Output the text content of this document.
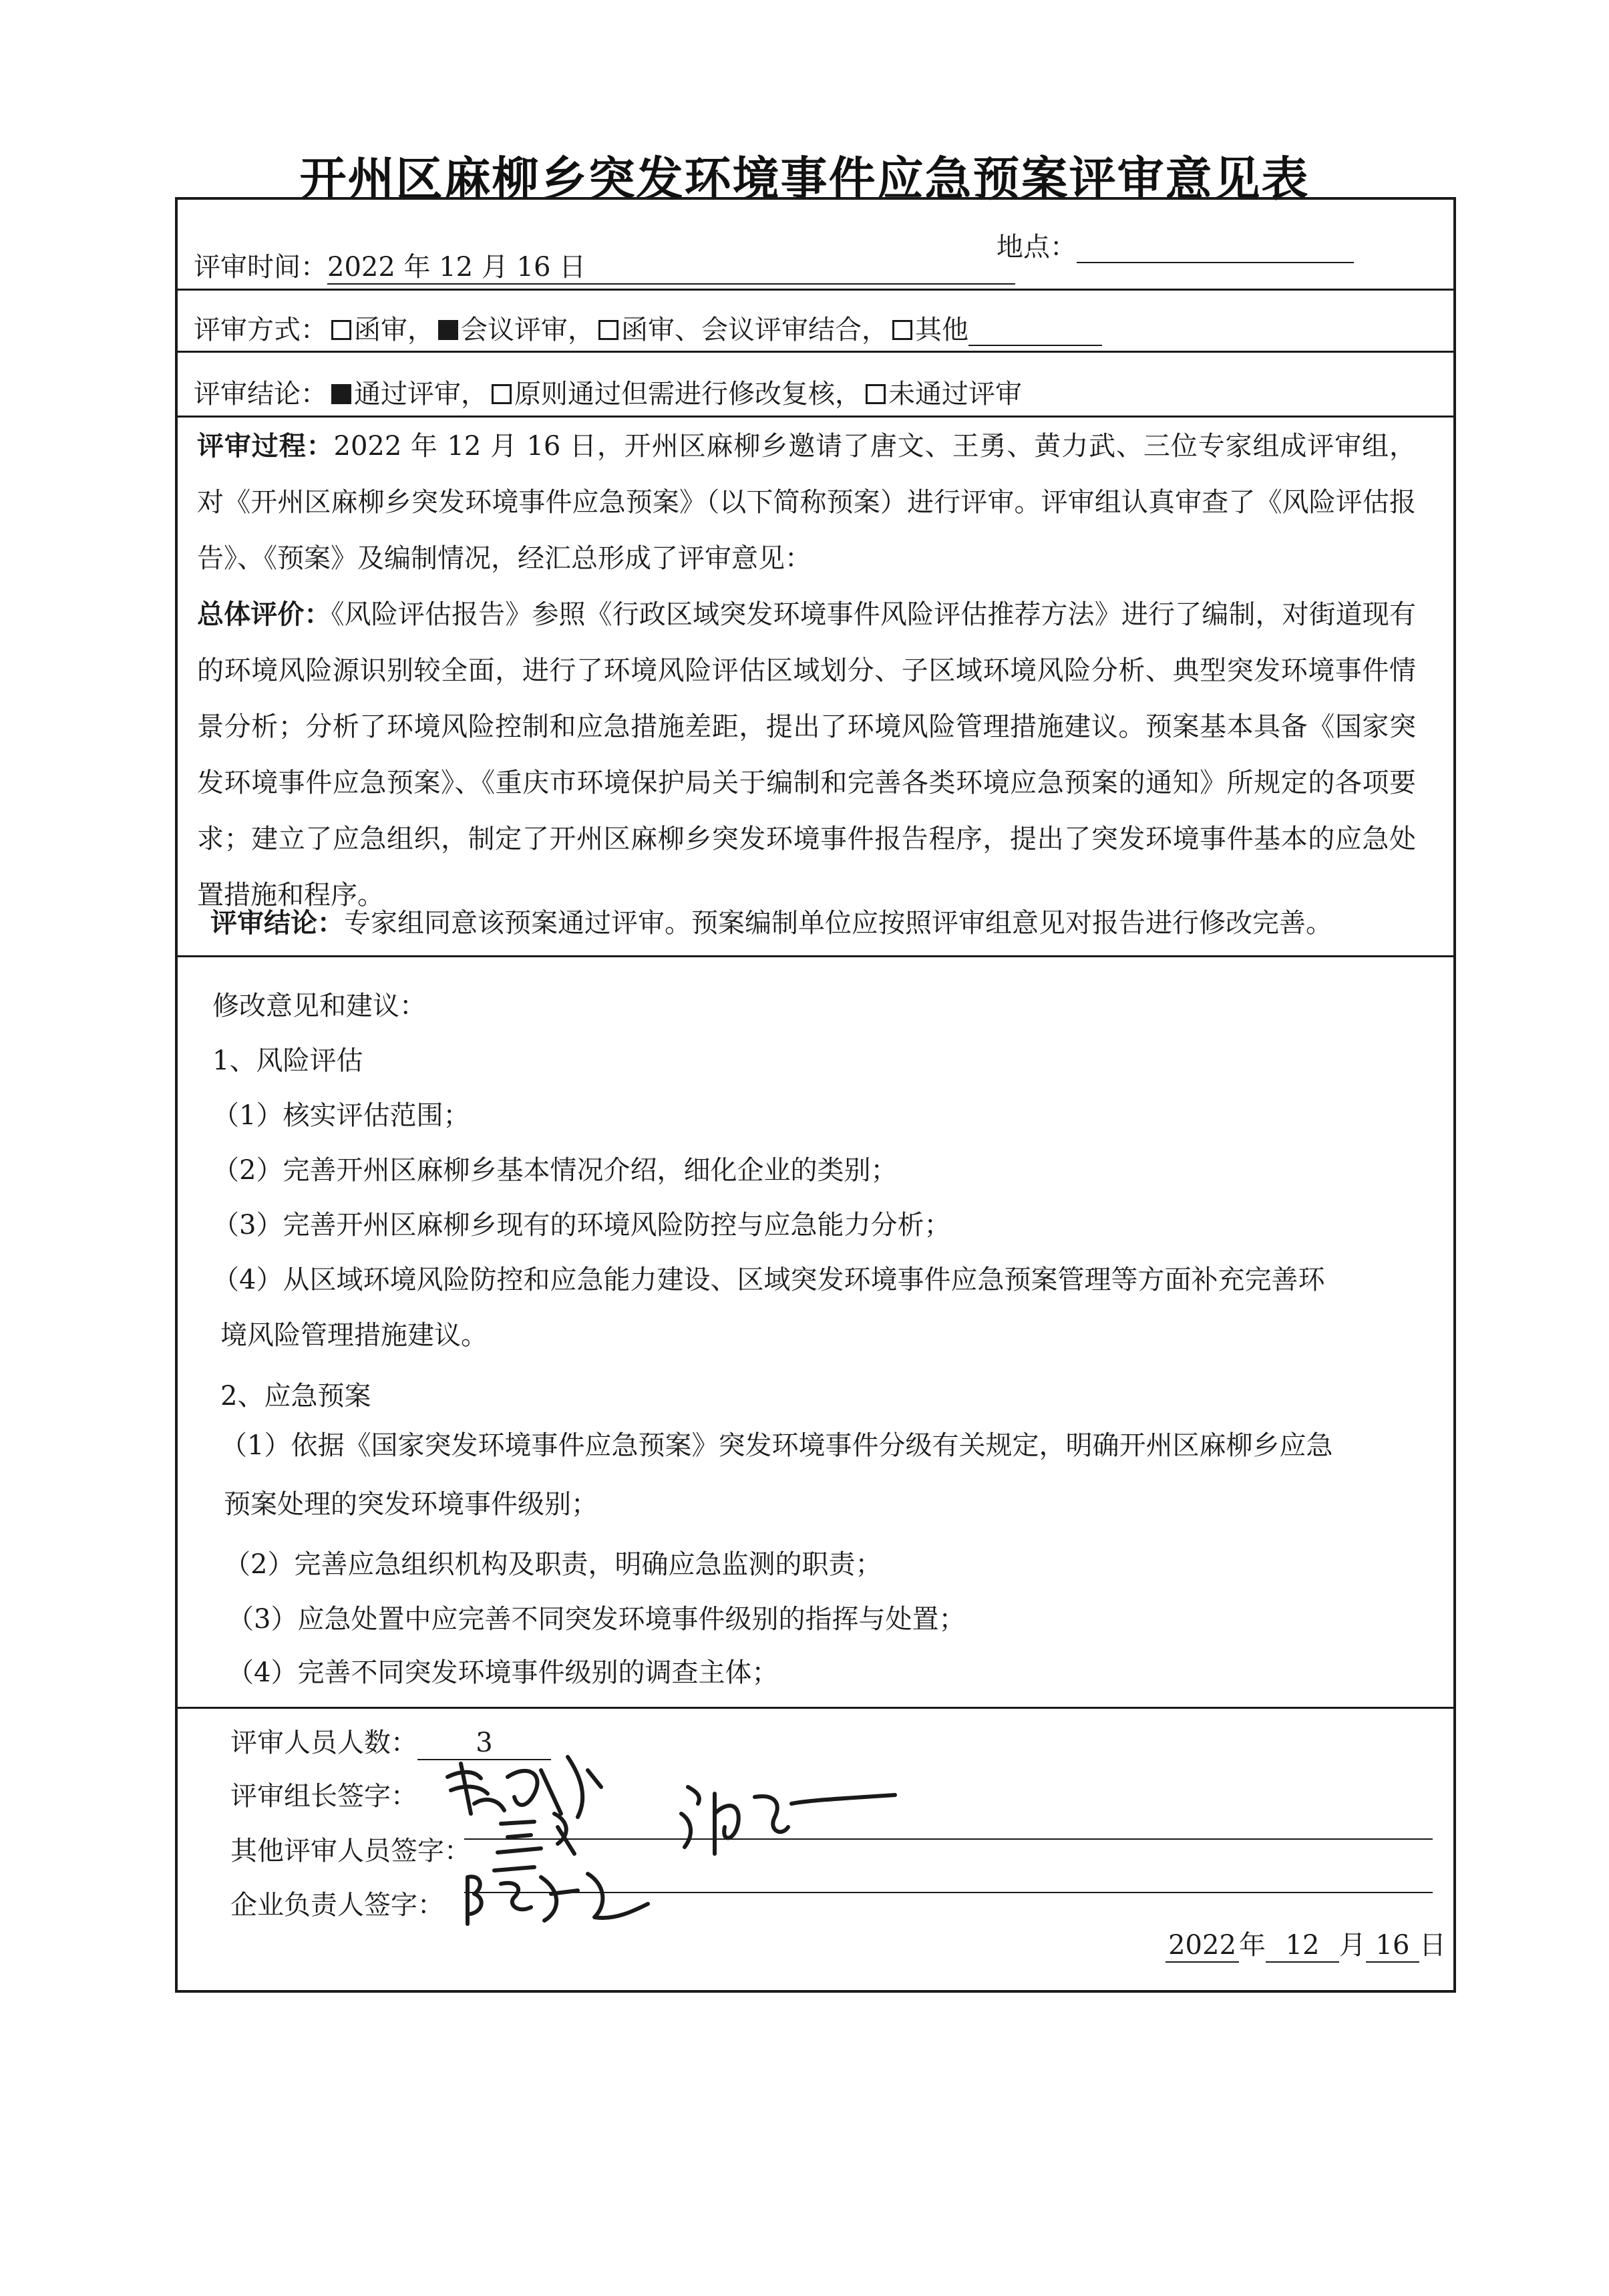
开州区麻柳乡突发环境事件应急预案评审意见表
评审时间：2022 年 12 月 16 日
地点：
评审方式： 函审， 会议评审， 函审、会议评审结合， 其他
评审结论： 通过评审， 原则通过但需进行修改复核， 未通过评审
评审过程：2022 年 12 月 16 日，开州区麻柳乡邀请了唐文、王勇、黄力武、三位专家组成评审组，对《开州区麻柳乡突发环境事件应急预案》（以下简称预案）进行评审。评审组认真审查了《风险评估报告》、《预案》及编制情况，经汇总形成了评审意见：
总体评价：《风险评估报告》参照《行政区域突发环境事件风险评估推荐方法》进行了编制，对街道现有的环境风险源识别较全面，进行了环境风险评估区域划分、子区域环境风险分析、典型突发环境事件情景分析；分析了环境风险控制和应急措施差距，提出了环境风险管理措施建议。预案基本具备《国家突发环境事件应急预案》、《重庆市环境保护局关于编制和完善各类环境应急预案的通知》所规定的各项要求；建立了应急组织，制定了开州区麻柳乡突发环境事件报告程序，提出了突发环境事件基本的应急处置措施和程序。
评审结论：专家组同意该预案通过评审。预案编制单位应按照评审组意见对报告进行修改完善。
修改意见和建议：
1、风险评估
（1）核实评估范围；
（2）完善开州区麻柳乡基本情况介绍，细化企业的类别；
（3）完善开州区麻柳乡现有的环境风险防控与应急能力分析；
（4）从区域环境风险防控和应急能力建设、区域突发环境事件应急预案管理等方面补充完善环
境风险管理措施建议。
2、应急预案
（1）依据《国家突发环境事件应急预案》突发环境事件分级有关规定，明确开州区麻柳乡应急
预案处理的突发环境事件级别；
（2）完善应急组织机构及职责，明确应急监测的职责；
（3）应急处置中应完善不同突发环境事件级别的指挥与处置；
（4）完善不同突发环境事件级别的调查主体；
评审人员人数： 3
评审组长签字：
其他评审人员签字：
企业负责人签字：
2022 年 12 月 16 日
